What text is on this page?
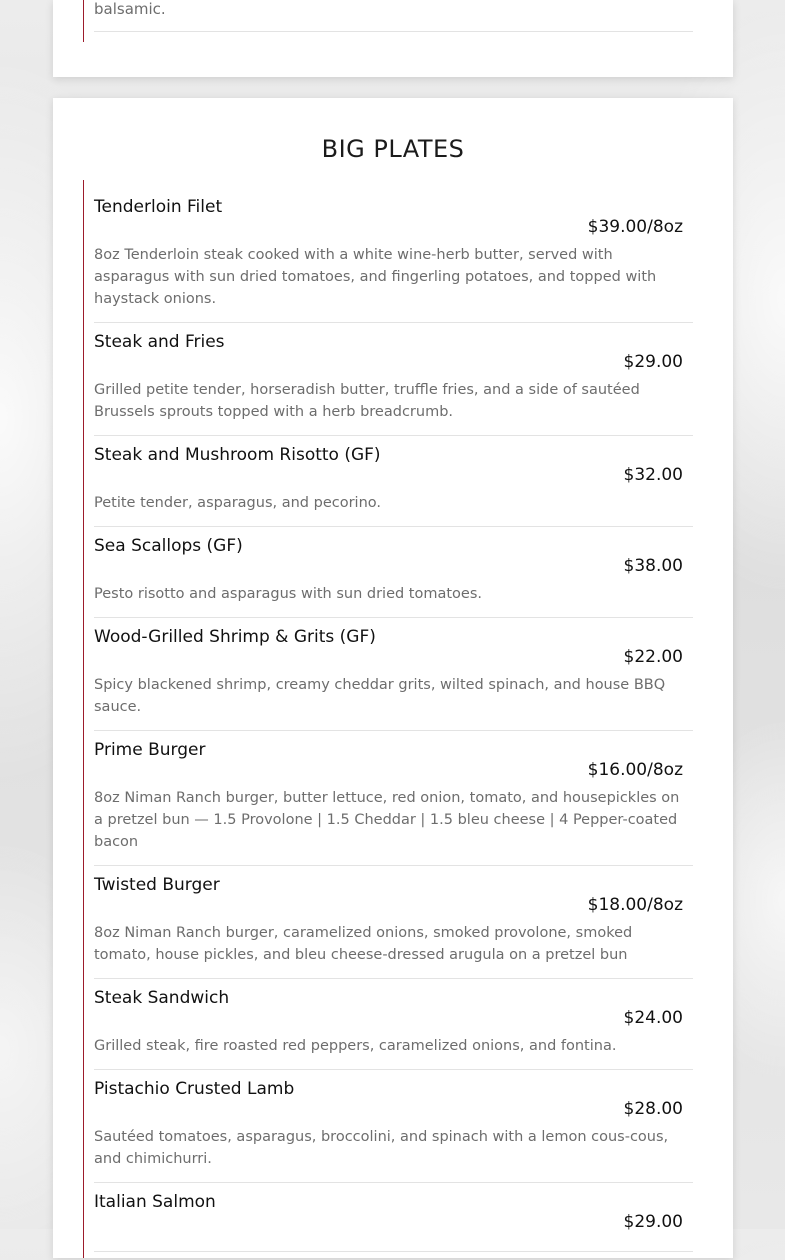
balsamic.
BIG PLATES
Tenderloin Filet
$39.00/8oz
8oz Tenderloin steak cooked with a white wine-herb butter, served with asparagus with sun dried tomatoes, and fingerling potatoes, and topped with haystack onions.
Steak and Fries
$29.00
Grilled petite tender, horseradish butter, truffle fries, and a side of sautéed Brussels sprouts topped with a herb breadcrumb.
Steak and Mushroom Risotto (GF)
$32.00
Petite tender, asparagus, and pecorino.
Sea Scallops (GF)
$38.00
Pesto risotto and asparagus with sun dried tomatoes.
Wood-Grilled Shrimp & Grits (GF)
$22.00
Spicy blackened shrimp, creamy cheddar grits, wilted spinach, and house BBQ sauce.
Prime Burger
$16.00/8oz
8oz Niman Ranch burger, butter lettuce, red onion, tomato, and housepickles on a pretzel bun — 1.5 Provolone | 1.5 Cheddar | 1.5 bleu cheese | 4 Pepper-coated bacon
Twisted Burger
$18.00/8oz
8oz Niman Ranch burger, caramelized onions, smoked provolone, smoked tomato, house pickles, and bleu cheese-dressed arugula on a pretzel bun
Steak Sandwich
$24.00
Grilled steak, fire roasted red peppers, caramelized onions, and fontina.
Pistachio Crusted Lamb
$28.00
Sautéed tomatoes, asparagus, broccolini, and spinach with a lemon cous-cous, and chimichurri.
Italian Salmon
$29.00
